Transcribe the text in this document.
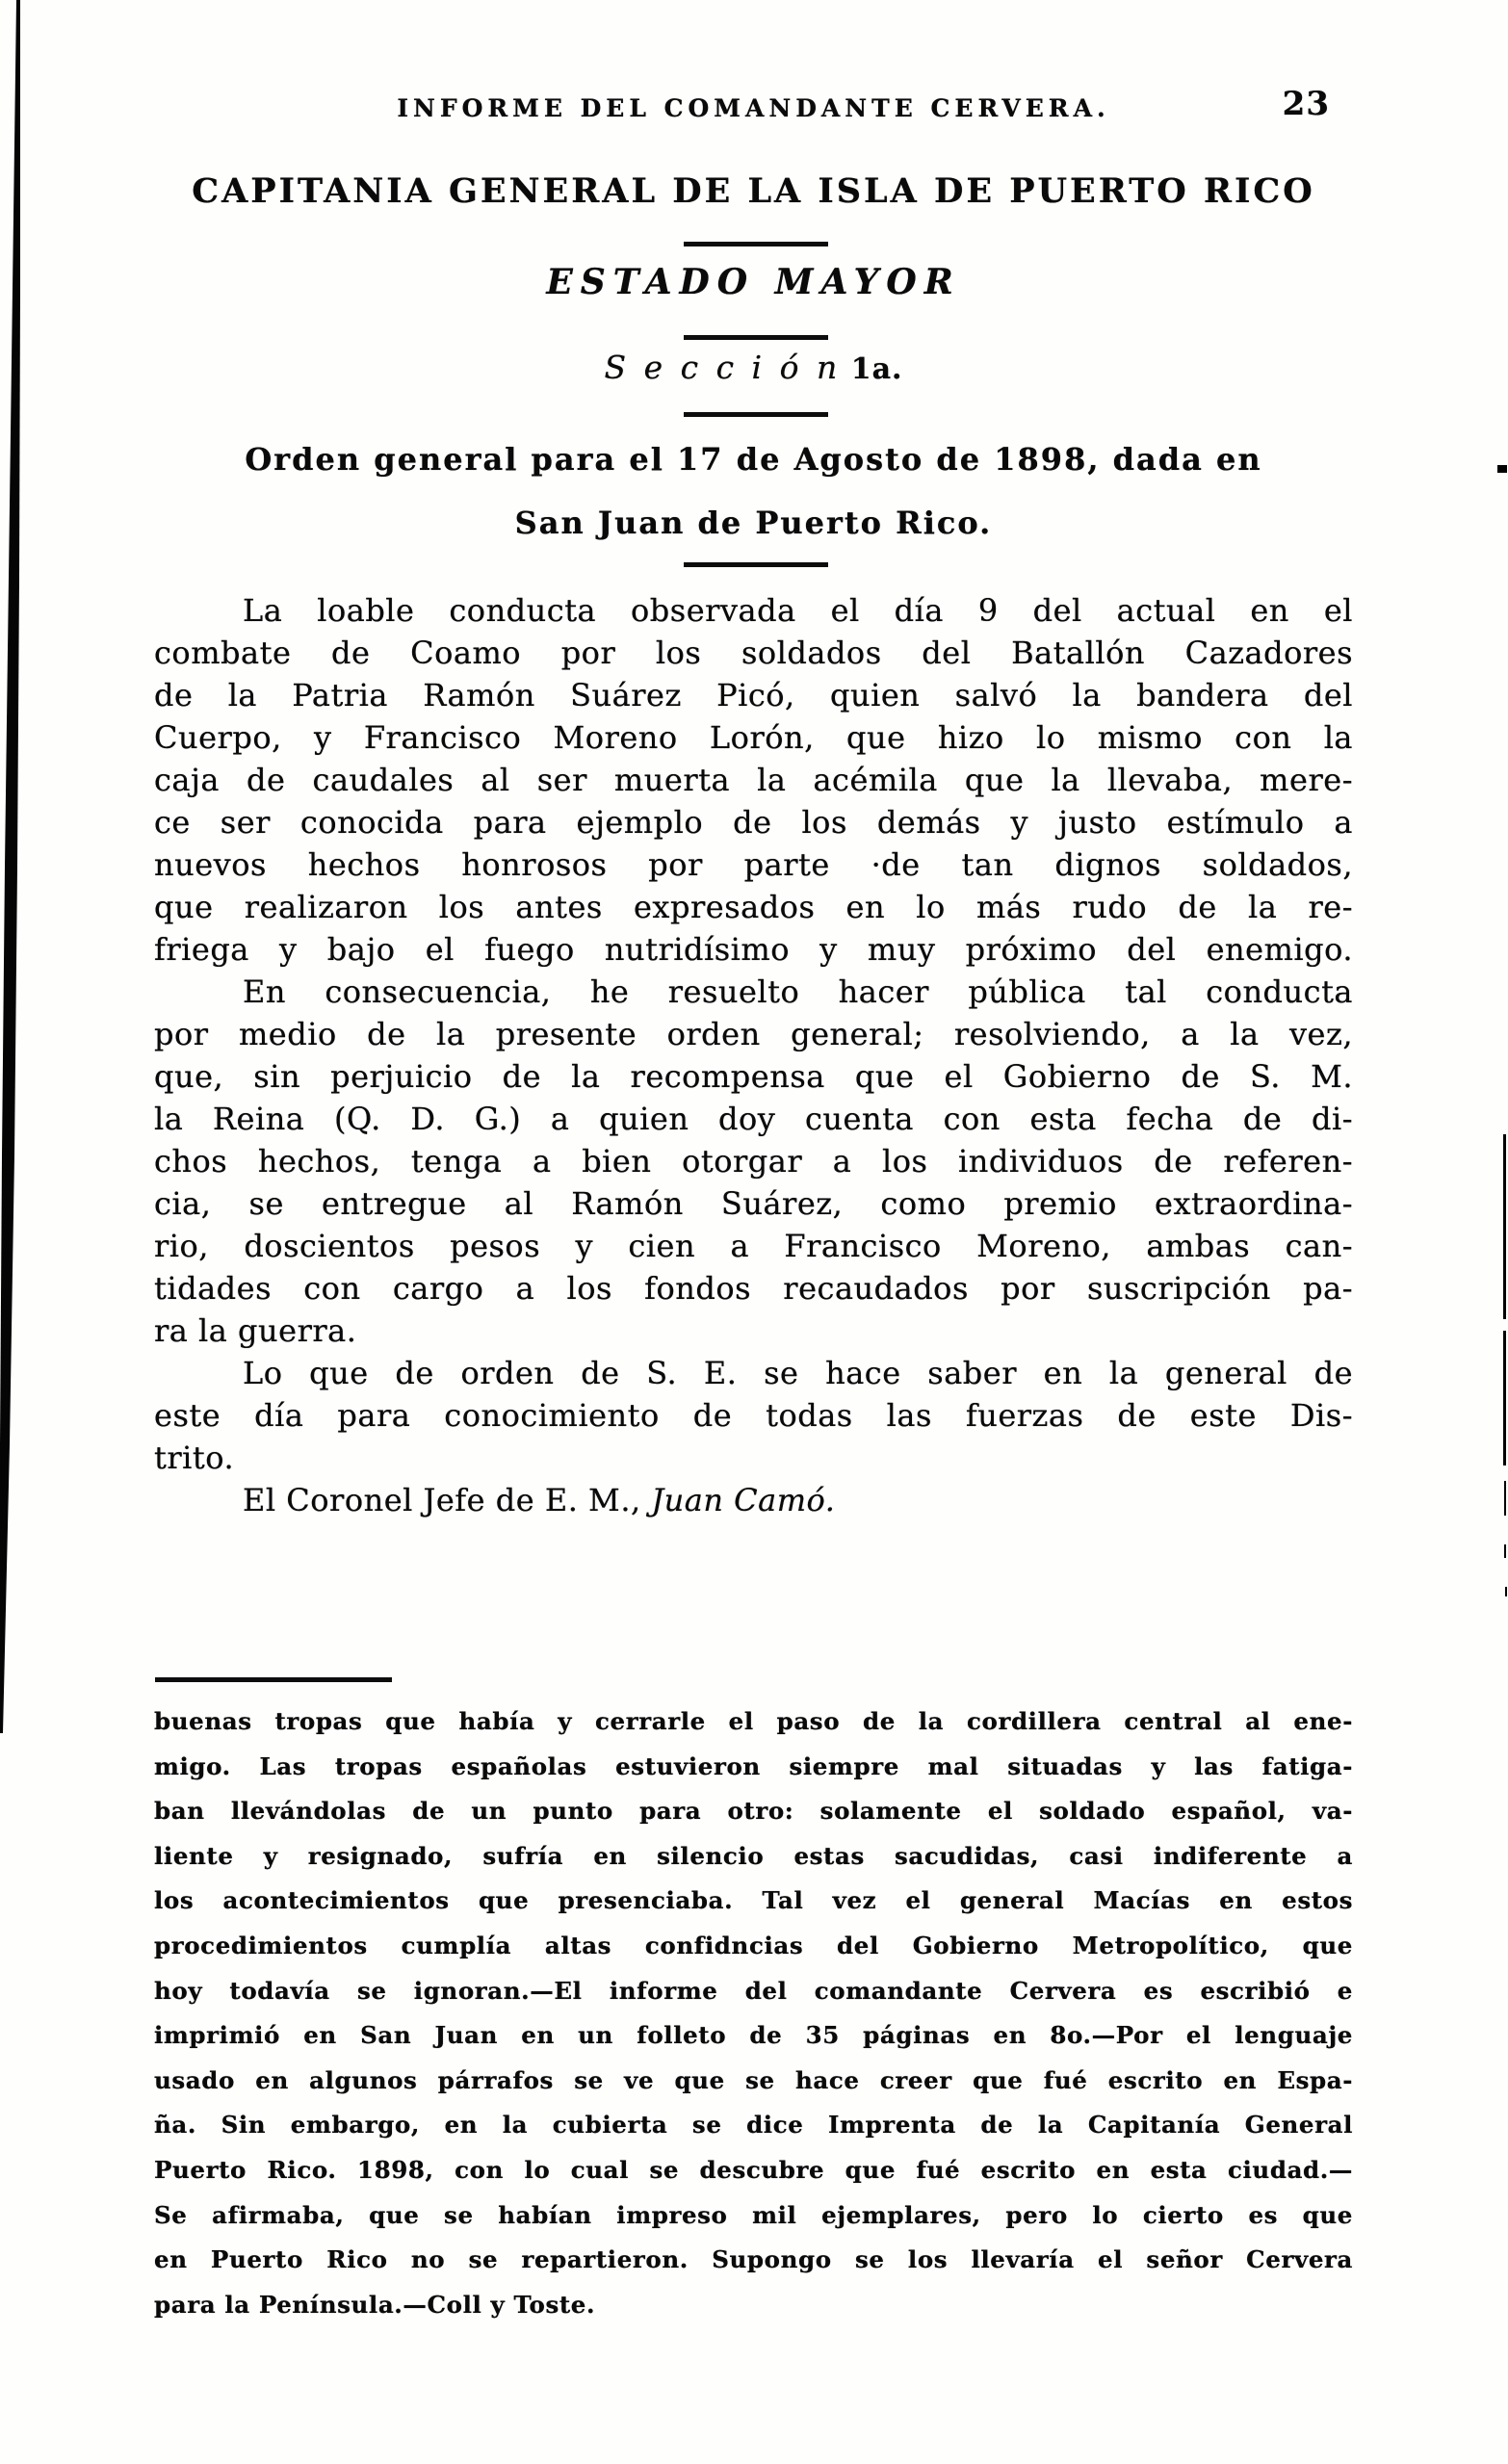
INFORME DEL COMANDANTE CERVERA.	23
CAPITANIA GENERAL DE LA ISLA DE PUERTO RICO
ESTADO MAYOR
S e c c i ó n 1a.
Orden general para el 17 de Agosto de 1898, dada en
San Juan de Puerto Rico.
La loable conducta observada el día 9 del actual en el
combate de Coamo por los soldados del Batallón Cazadores
de la Patria Ramón Suárez Picó, quien salvó la bandera del
Cuerpo, y Francisco Moreno Lorón, que hizo lo mismo con la
caja de caudales al ser muerta la acémila que la llevaba, mere-
ce ser conocida para ejemplo de los demás y justo estímulo a
nuevos hechos honrosos por parte ·de tan dignos soldados,
que realizaron los antes expresados en lo más rudo de la re-
friega y bajo el fuego nutridísimo y muy próximo del enemigo.
En consecuencia, he resuelto hacer pública tal conducta
por medio de la presente orden general; resolviendo, a la vez,
que, sin perjuicio de la recompensa que el Gobierno de S. M.
la Reina (Q. D. G.) a quien doy cuenta con esta fecha de di-
chos hechos, tenga a bien otorgar a los individuos de referen-
cia, se entregue al Ramón Suárez, como premio extraordina-
rio, doscientos pesos y cien a Francisco Moreno, ambas can-
tidades con cargo a los fondos recaudados por suscripción pa-
ra la guerra.
Lo que de orden de S. E. se hace saber en la general de
este día para conocimiento de todas las fuerzas de este Dis-
trito.
El Coronel Jefe de E. M., Juan Camó.
buenas tropas que había y cerrarle el paso de la cordillera central al ene-
migo. Las tropas españolas estuvieron siempre mal situadas y las fatiga-
ban llevándolas de un punto para otro: solamente el soldado español, va-
liente y resignado, sufría en silencio estas sacudidas, casi indiferente a
los acontecimientos que presenciaba. Tal vez el general Macías en estos
procedimientos cumplía altas confidncias del Gobierno Metropolítico, que
hoy todavía se ignoran.—El informe del comandante Cervera es escribió e
imprimió en San Juan en un folleto de 35 páginas en 8o.—Por el lenguaje
usado en algunos párrafos se ve que se hace creer que fué escrito en Espa-
ña. Sin embargo, en la cubierta se dice Imprenta de la Capitanía General
Puerto Rico. 1898, con lo cual se descubre que fué escrito en esta ciudad.—
Se afirmaba, que se habían impreso mil ejemplares, pero lo cierto es que
en Puerto Rico no se repartieron. Supongo se los llevaría el señor Cervera
para la Península.—Coll y Toste.
